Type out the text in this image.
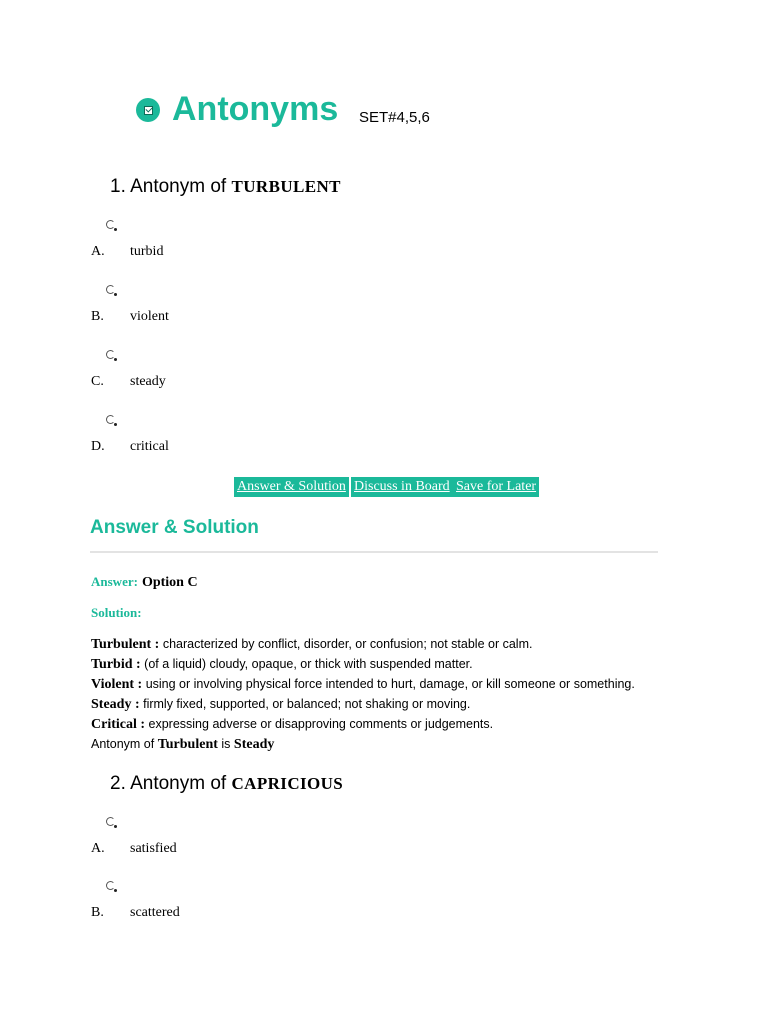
Antonyms SET#4,5,6
1. Antonym of TURBULENT
A.	turbid
B.	violent
C.	steady
D.	critical
Answer & Solution Discuss in Board Save for Later
Answer & Solution
Answer: Option C
Solution:
Turbulent : characterized by conflict, disorder, or confusion; not stable or calm.
Turbid : (of a liquid) cloudy, opaque, or thick with suspended matter.
Violent : using or involving physical force intended to hurt, damage, or kill someone or something.
Steady : firmly fixed, supported, or balanced; not shaking or moving.
Critical : expressing adverse or disapproving comments or judgements.
Antonym of Turbulent is Steady
2. Antonym of CAPRICIOUS
A.	satisfied
B.	scattered
